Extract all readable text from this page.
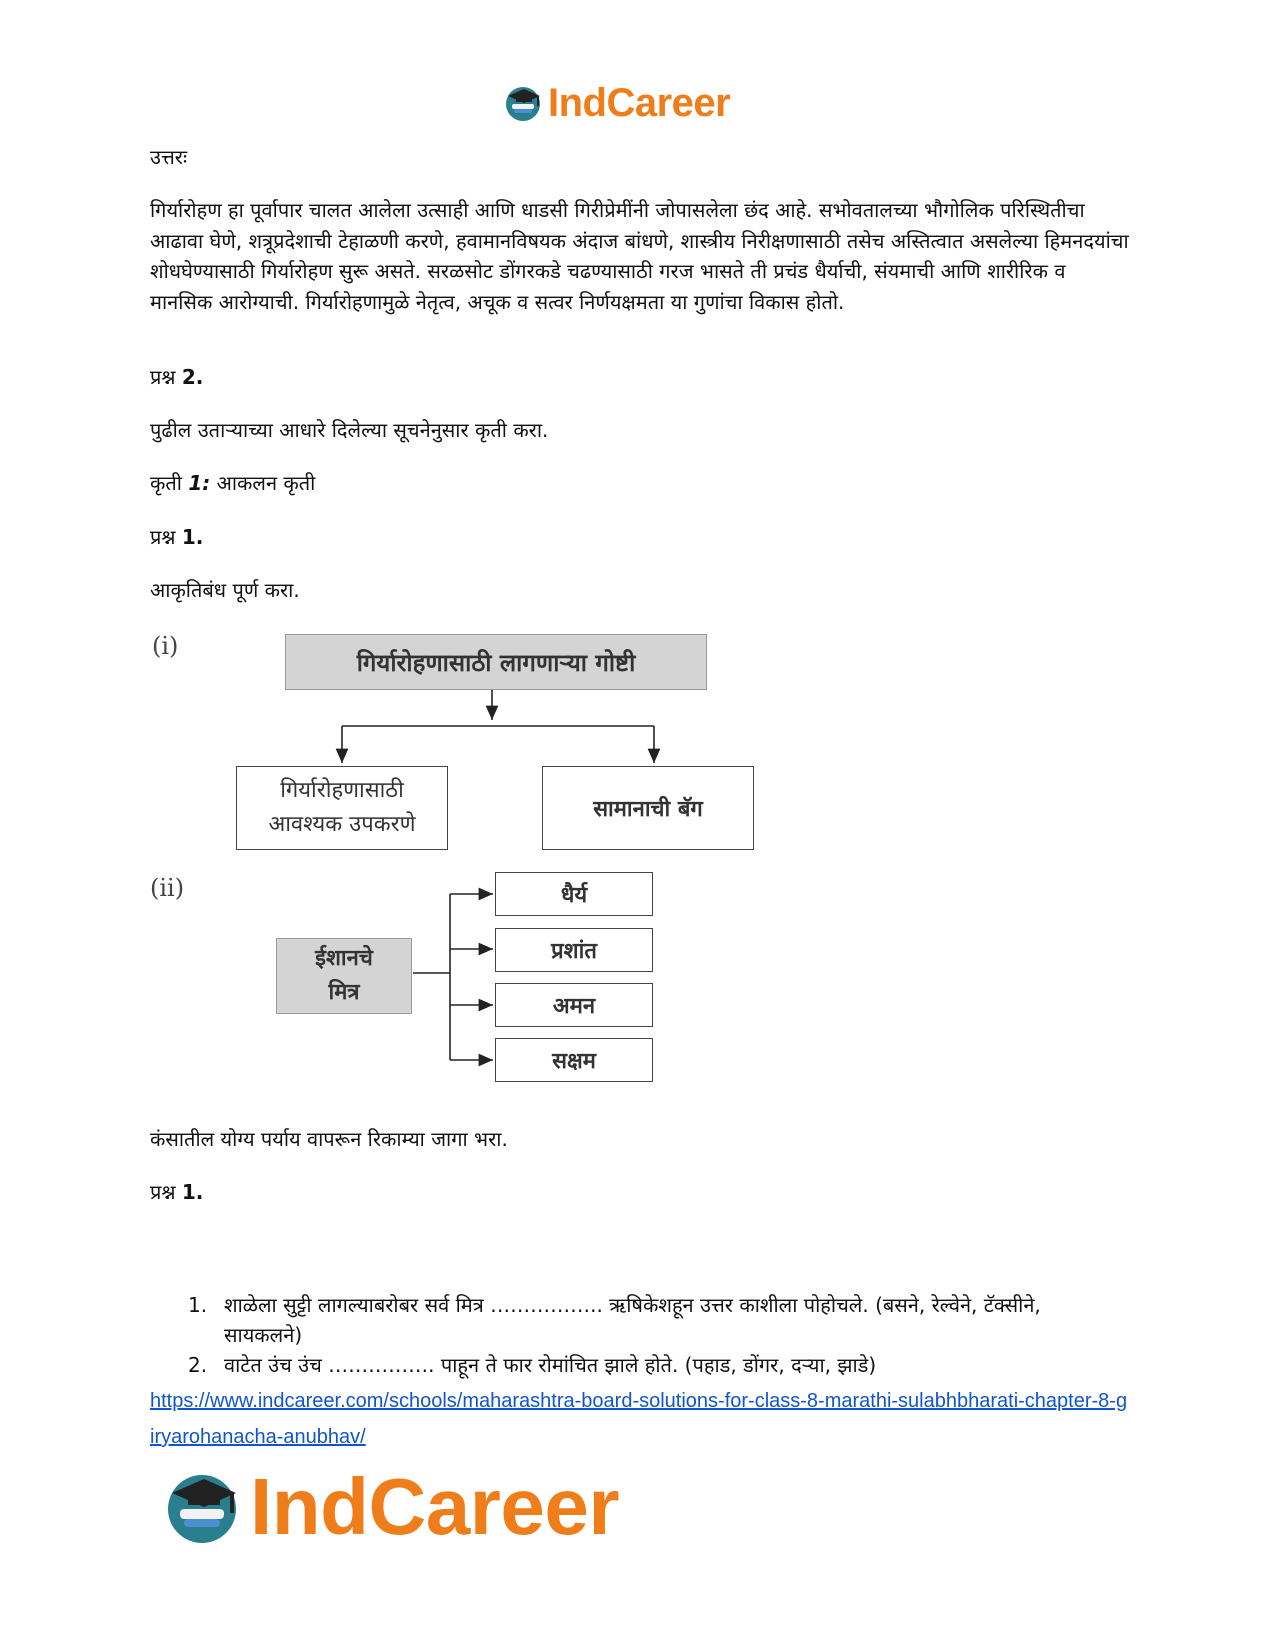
IndCareer

उत्तरः

गिर्यारोहण हा पूर्वापार चालत आलेला उत्साही आणि धाडसी गिरीप्रेमींनी जोपासलेला छंद आहे. सभोवतालच्या भौगोलिक परिस्थितीचा आढावा घेणे, शत्रूप्रदेशाची टेहाळणी करणे, हवामानविषयक अंदाज बांधणे, शास्त्रीय निरीक्षणासाठी तसेच अस्तित्वात असलेल्या हिमनदयांचा शोधघेण्यासाठी गिर्यारोहण सुरू असते. सरळसोट डोंगरकडे चढण्यासाठी गरज भासते ती प्रचंड धैर्याची, संयमाची आणि शारीरिक व मानसिक आरोग्याची. गिर्यारोहणामुळे नेतृत्व, अचूक व सत्वर निर्णयक्षमता या गुणांचा विकास होतो.

प्रश्न 2.

पुढील उताऱ्याच्या आधारे दिलेल्या सूचनेनुसार कृती करा.

कृती 1: आकलन कृती

प्रश्न 1.

आकृतिबंध पूर्ण करा.

(i)
गिर्यारोहणासाठी लागणाऱ्या गोष्टी
गिर्यारोहणासाठी
आवश्यक उपकरणे
सामानाची बॅग
(ii)
ईशानचे
मित्र
धैर्य
प्रशांत
अमन
सक्षम

कंसातील योग्य पर्याय वापरून रिकाम्या जागा भरा.

प्रश्न 1.

1. शाळेला सुट्टी लागल्याबरोबर सर्व मित्र …………….. ऋषिकेशहून उत्तर काशीला पोहोचले. (बसने, रेल्वेने, टॅक्सीने, सायकलने)
2. वाटेत उंच उंच ……………. पाहून ते फार रोमांचित झाले होते. (पहाड, डोंगर, दऱ्या, झाडे)
https://www.indcareer.com/schools/maharashtra-board-solutions-for-class-8-marathi-sulabhbharati-chapter-8-giryarohanacha-anubhav/
IndCareer
